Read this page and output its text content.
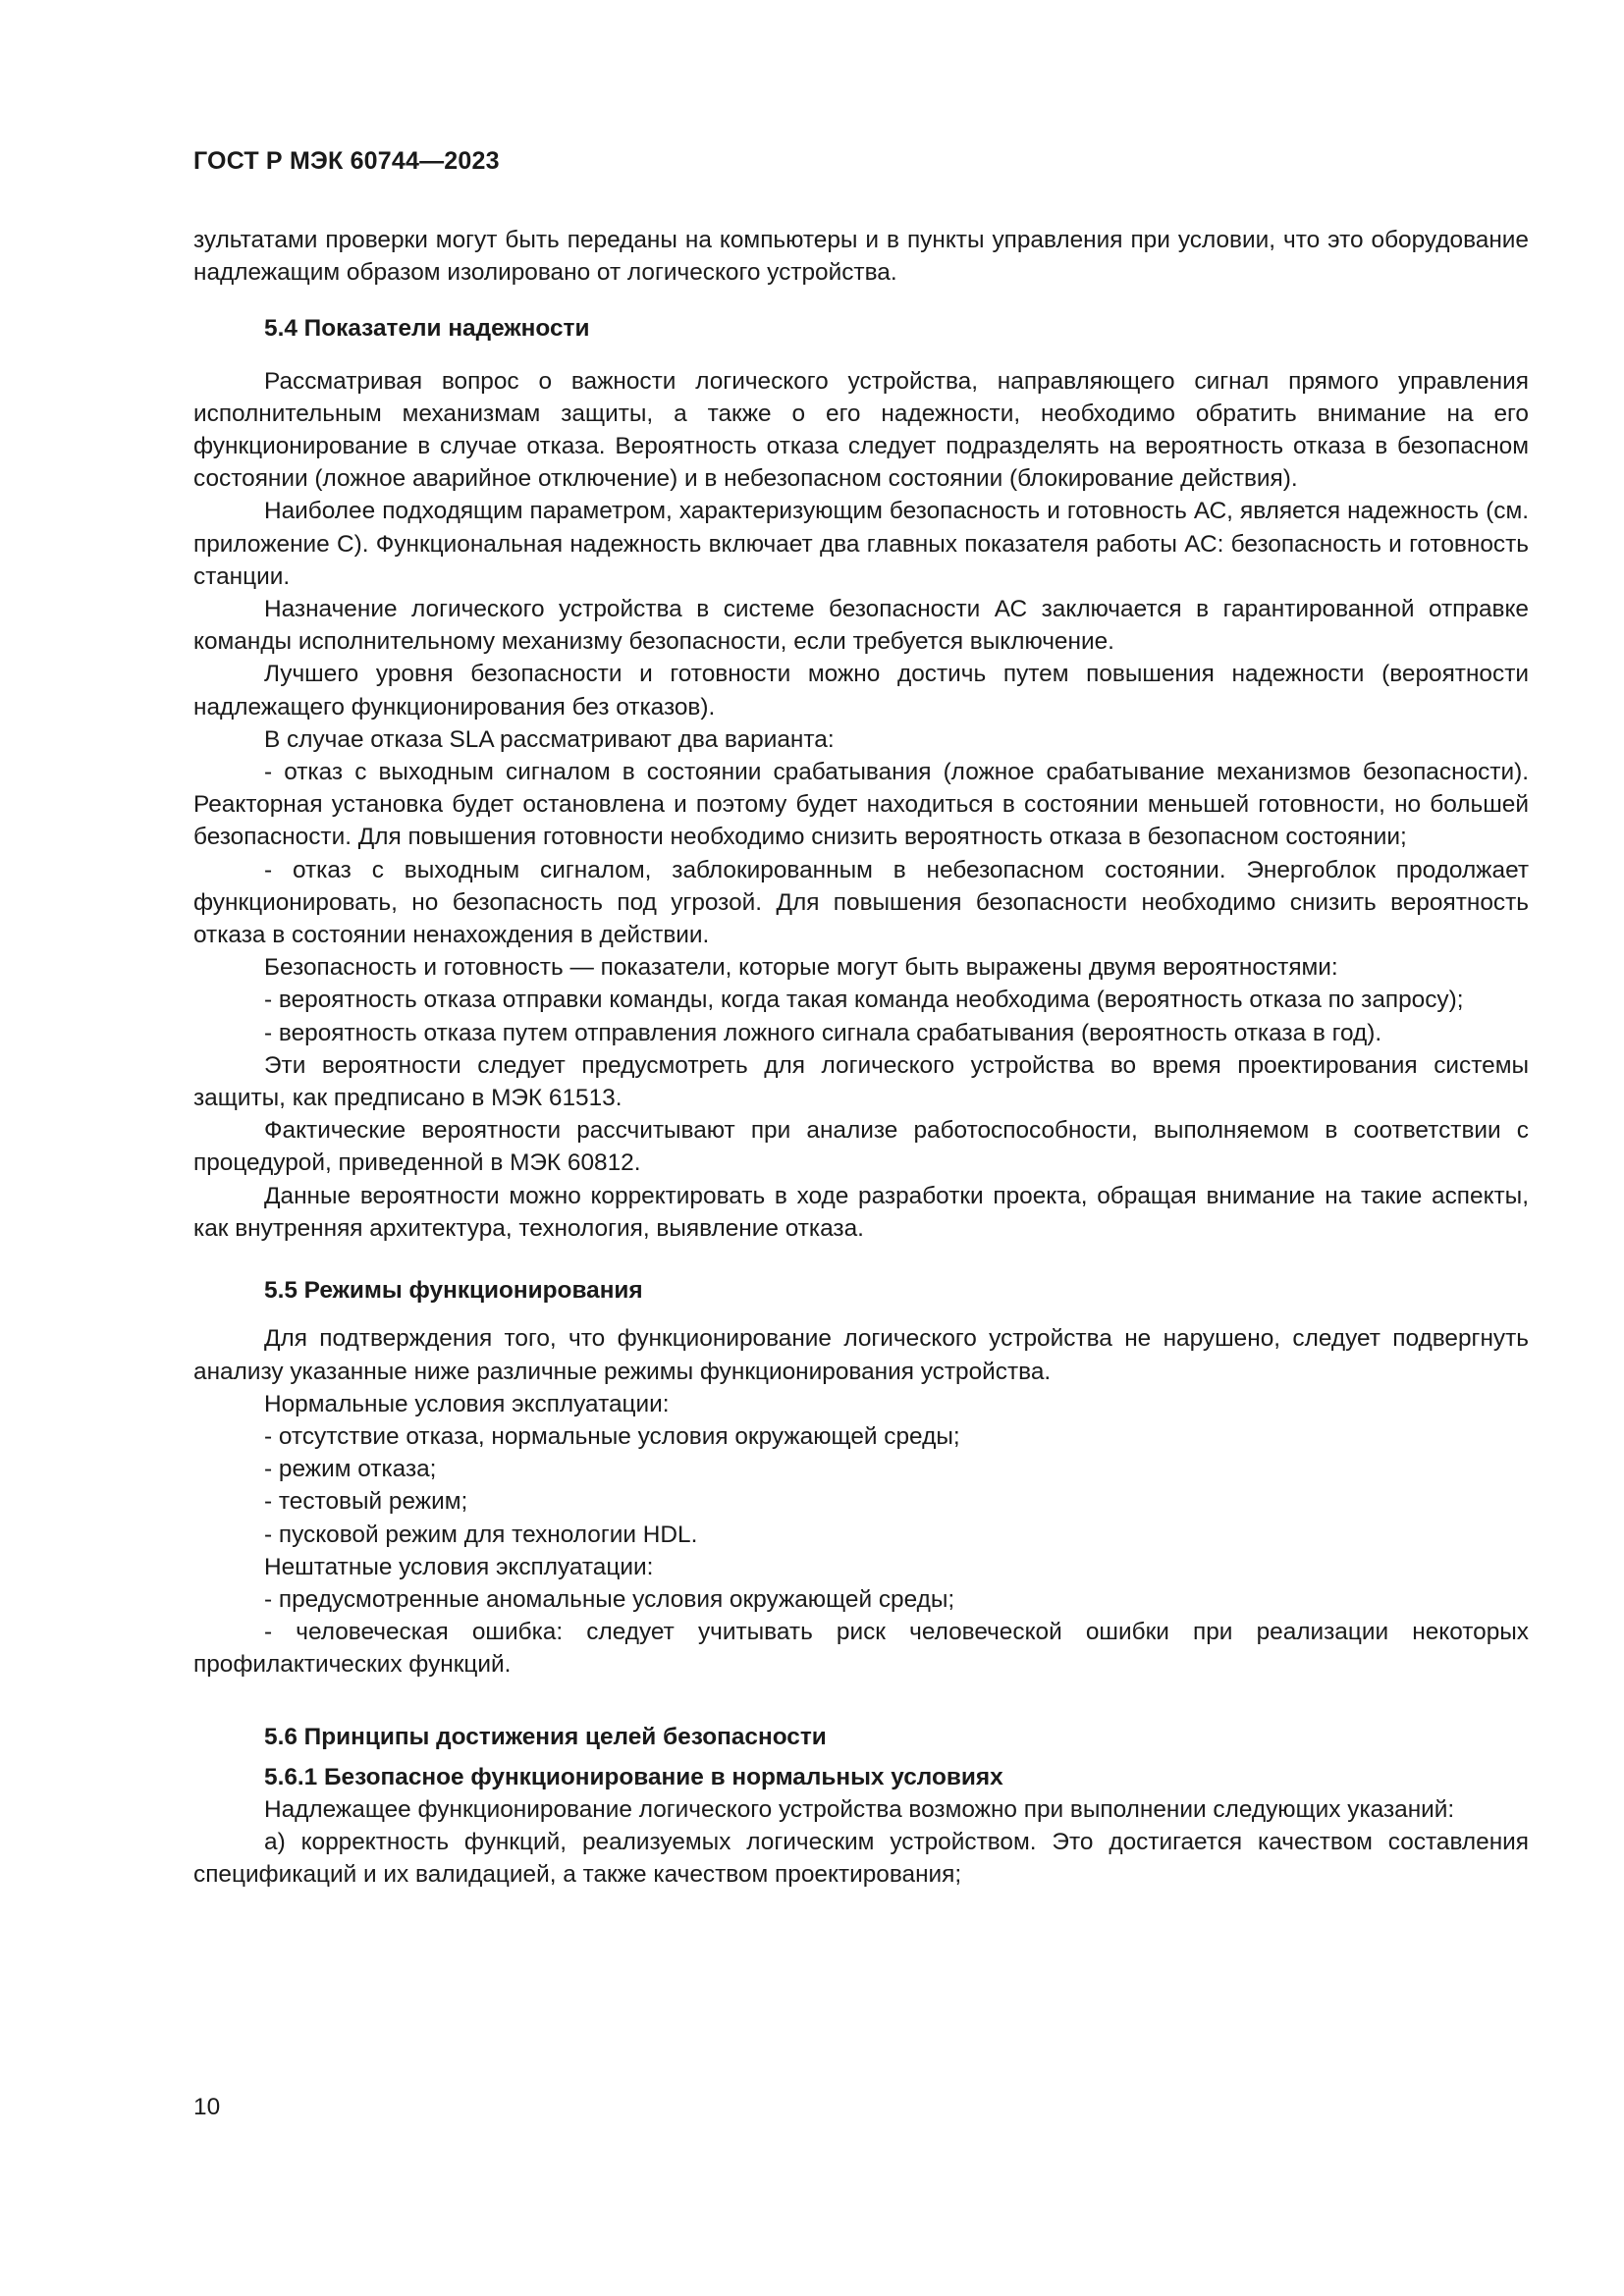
ГОСТ Р МЭК 60744—2023

зультатами проверки могут быть переданы на компьютеры и в пункты управления при условии, что это оборудование надлежащим образом изолировано от логического устройства.

5.4 Показатели надежности

Рассматривая вопрос о важности логического устройства, направляющего сигнал прямого управления исполнительным механизмам защиты, а также о его надежности, необходимо обратить внимание на его функционирование в случае отказа. Вероятность отказа следует подразделять на вероятность отказа в безопасном состоянии (ложное аварийное отключение) и в небезопасном состоянии (блокирование действия).

Наиболее подходящим параметром, характеризующим безопасность и готовность АС, является надежность (см. приложение С). Функциональная надежность включает два главных показателя работы АС: безопасность и готовность станции.

Назначение логического устройства в системе безопасности АС заключается в гарантированной отправке команды исполнительному механизму безопасности, если требуется выключение.

Лучшего уровня безопасности и готовности можно достичь путем повышения надежности (вероятности надлежащего функционирования без отказов).

В случае отказа SLA рассматривают два варианта:

- отказ с выходным сигналом в состоянии срабатывания (ложное срабатывание механизмов безопасности). Реакторная установка будет остановлена и поэтому будет находиться в состоянии меньшей готовности, но большей безопасности. Для повышения готовности необходимо снизить вероятность отказа в безопасном состоянии;

- отказ с выходным сигналом, заблокированным в небезопасном состоянии. Энергоблок продолжает функционировать, но безопасность под угрозой. Для повышения безопасности необходимо снизить вероятность отказа в состоянии ненахождения в действии.

Безопасность и готовность — показатели, которые могут быть выражены двумя вероятностями:

- вероятность отказа отправки команды, когда такая команда необходима (вероятность отказа по запросу);

- вероятность отказа путем отправления ложного сигнала срабатывания (вероятность отказа в год).

Эти вероятности следует предусмотреть для логического устройства во время проектирования системы защиты, как предписано в МЭК 61513.

Фактические вероятности рассчитывают при анализе работоспособности, выполняемом в соответствии с процедурой, приведенной в МЭК 60812.

Данные вероятности можно корректировать в ходе разработки проекта, обращая внимание на такие аспекты, как внутренняя архитектура, технология, выявление отказа.

5.5 Режимы функционирования

Для подтверждения того, что функционирование логического устройства не нарушено, следует подвергнуть анализу указанные ниже различные режимы функционирования устройства.

Нормальные условия эксплуатации:

- отсутствие отказа, нормальные условия окружающей среды;

- режим отказа;

- тестовый режим;

- пусковой режим для технологии HDL.

Нештатные условия эксплуатации:

- предусмотренные аномальные условия окружающей среды;

- человеческая ошибка: следует учитывать риск человеческой ошибки при реализации некоторых профилактических функций.

5.6 Принципы достижения целей безопасности
5.6.1 Безопасное функционирование в нормальных условиях

Надлежащее функционирование логического устройства возможно при выполнении следующих указаний:

а) корректность функций, реализуемых логическим устройством. Это достигается качеством составления спецификаций и их валидацией, а также качеством проектирования;

10
